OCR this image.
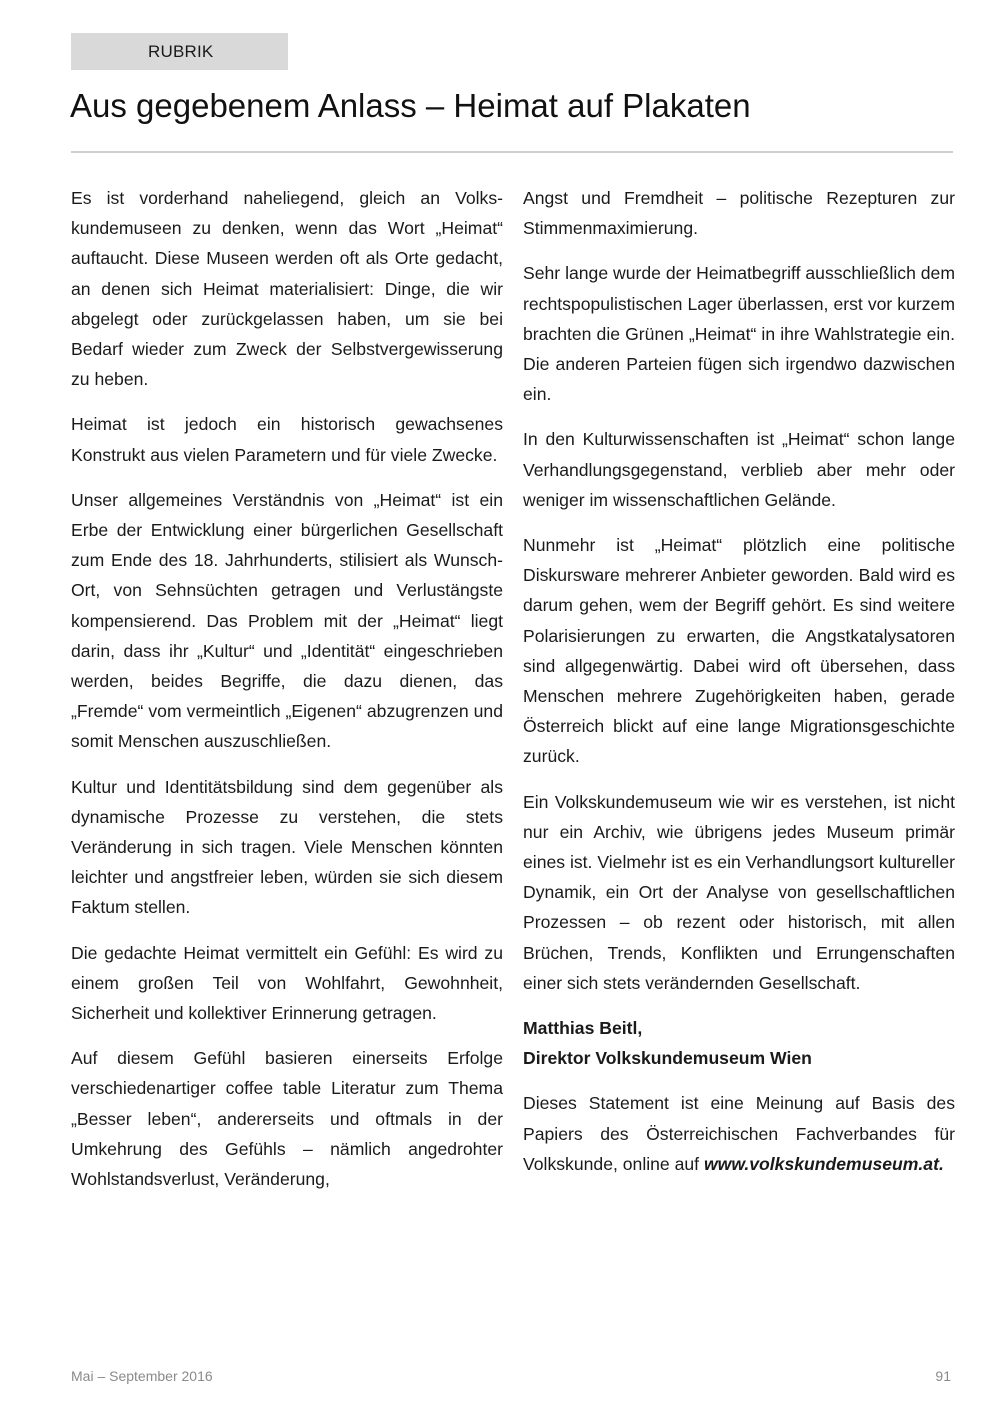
RUBRIK
Aus gegebenem Anlass – Heimat auf Plakaten

Es ist vorderhand naheliegend, gleich an Volkskundemuseen zu denken, wenn das Wort „Heimat“ auftaucht. Diese Museen werden oft als Orte gedacht, an denen sich Heimat materialisiert: Dinge, die wir abgelegt oder zurückgelassen haben, um sie bei Bedarf wieder zum Zweck der Selbstvergewisserung zu heben.

Heimat ist jedoch ein historisch gewachsenes Konstrukt aus vielen Parametern und für viele Zwecke.

Unser allgemeines Verständnis von „Heimat“ ist ein Erbe der Entwicklung einer bürgerlichen Gesellschaft zum Ende des 18. Jahrhunderts, stilisiert als Wunsch-Ort, von Sehnsüchten getragen und Verlustängste kompensierend. Das Problem mit der „Heimat“ liegt darin, dass ihr „Kultur“ und „Identität“ eingeschrieben werden, beides Begriffe, die dazu dienen, das „Fremde“ vom vermeintlich „Eigenen“ abzugrenzen und somit Menschen auszuschließen.

Kultur und Identitätsbildung sind dem gegenüber als dynamische Prozesse zu verstehen, die stets Veränderung in sich tragen. Viele Menschen könnten leichter und angstfreier leben, würden sie sich diesem Faktum stellen.

Die gedachte Heimat vermittelt ein Gefühl: Es wird zu einem großen Teil von Wohlfahrt, Gewohnheit, Sicherheit und kollektiver Erinnerung getragen.

Auf diesem Gefühl basieren einerseits Erfolge verschiedenartiger coffee table Literatur zum Thema „Besser leben“, andererseits und oftmals in der Umkehrung des Gefühls – nämlich angedrohter Wohlstandsverlust, Veränderung,

Angst und Fremdheit – politische Rezepturen zur Stimmenmaximierung.

Sehr lange wurde der Heimatbegriff ausschließlich dem rechtspopulistischen Lager überlassen, erst vor kurzem brachten die Grünen „Heimat“ in ihre Wahlstrategie ein. Die anderen Parteien fügen sich irgendwo dazwischen ein.

In den Kulturwissenschaften ist „Heimat“ schon lange Verhandlungsgegenstand, verblieb aber mehr oder weniger im wissenschaftlichen Gelände.

Nunmehr ist „Heimat“ plötzlich eine politische Diskursware mehrerer Anbieter geworden. Bald wird es darum gehen, wem der Begriff gehört. Es sind weitere Polarisierungen zu erwarten, die Angstkatalysatoren sind allgegenwärtig. Dabei wird oft übersehen, dass Menschen mehrere Zugehörigkeiten haben, gerade Österreich blickt auf eine lange Migrationsgeschichte zurück.

Ein Volkskundemuseum wie wir es verstehen, ist nicht nur ein Archiv, wie übrigens jedes Museum primär eines ist. Vielmehr ist es ein Verhandlungsort kultureller Dynamik, ein Ort der Analyse von gesellschaftlichen Prozessen – ob rezent oder historisch, mit allen Brüchen, Trends, Konflikten und Errungenschaften einer sich stets verändernden Gesellschaft.

Matthias Beitl,
Direktor Volkskundemuseum Wien

Dieses Statement ist eine Meinung auf Basis des Papiers des Österreichischen Fachverbandes für Volkskunde, online auf www.volkskundemuseum.at.

Mai – September 2016	91
